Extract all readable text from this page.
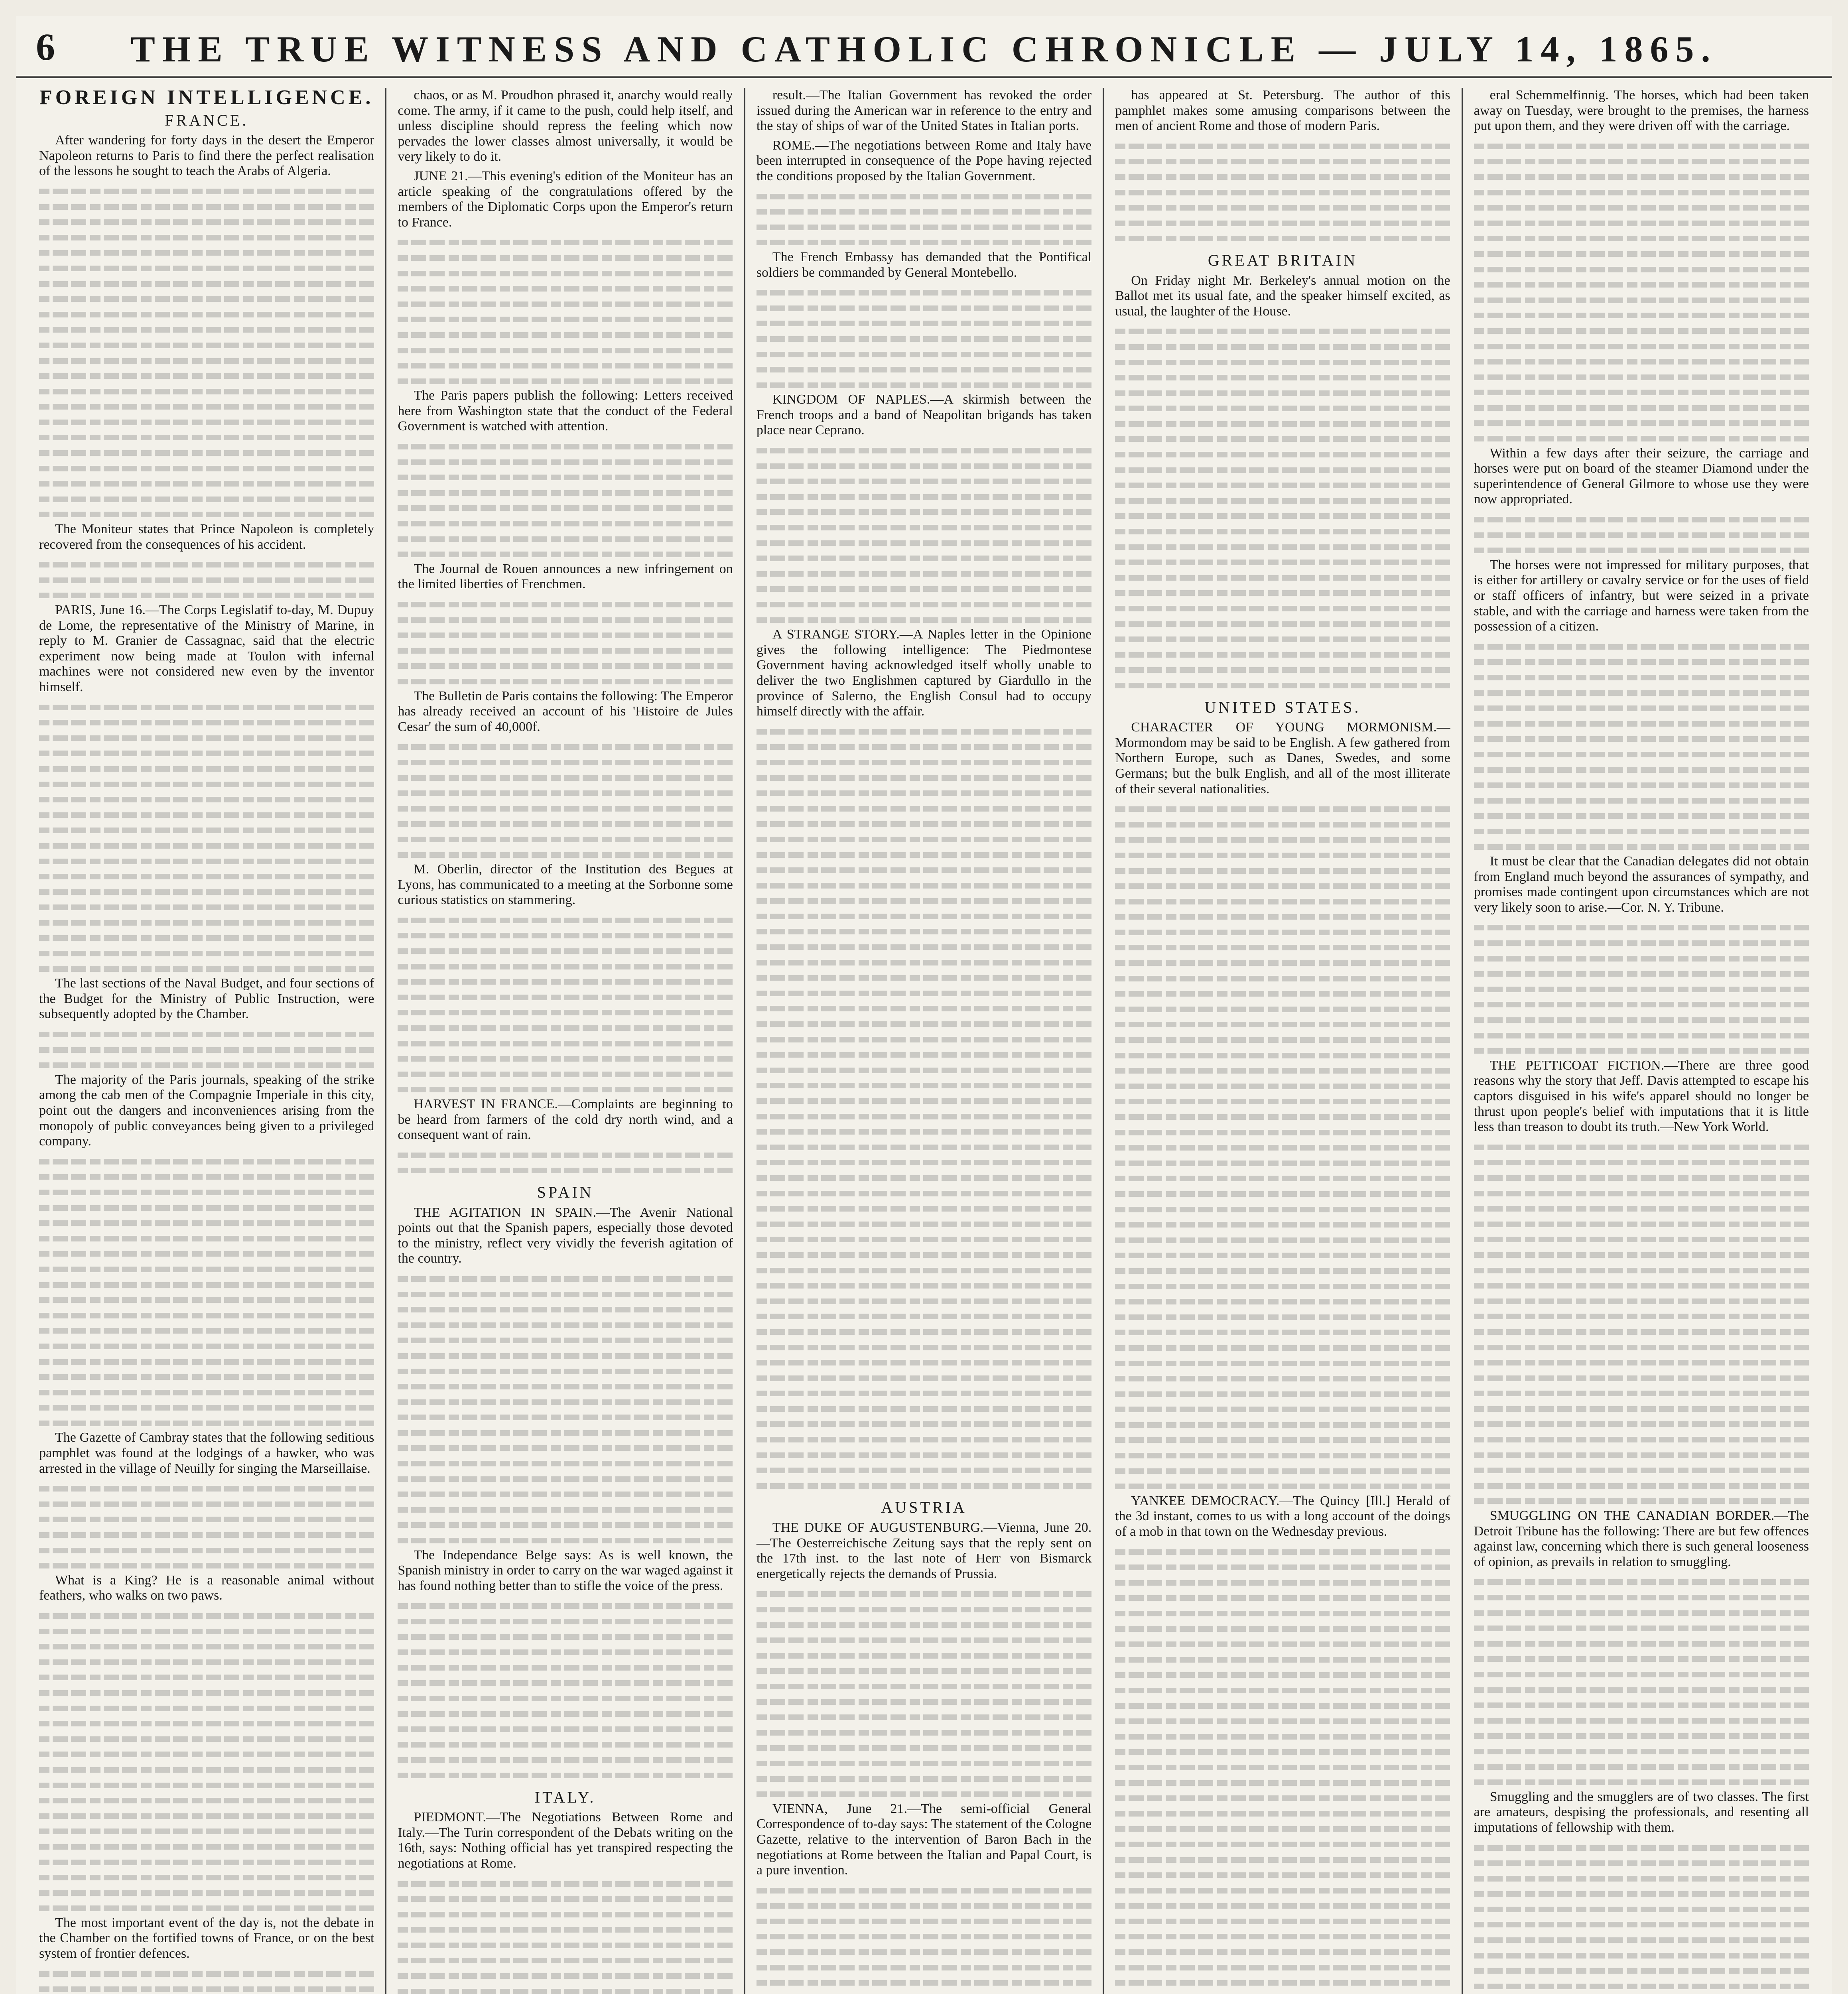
6	THE TRUE WITNESS AND CATHOLIC CHRONICLE — JULY 14, 1865.
FOREIGN INTELLIGENCE.
FRANCE.

After wandering for forty days in the desert the Emperor Napoleon returns to Paris to find there the perfect realisation of the lessons he sought to teach the Arabs of Algeria.

The Moniteur states that Prince Napoleon is completely recovered from the consequences of his accident.

PARIS, June 16.—The Corps Legislatif to-day, M. Dupuy de Lome, the representative of the Ministry of Marine, in reply to M. Granier de Cassagnac, said that the electric experiment now being made at Toulon with infernal machines were not considered new even by the inventor himself.

The last sections of the Naval Budget, and four sections of the Budget for the Ministry of Public Instruction, were subsequently adopted by the Chamber.

The majority of the Paris journals, speaking of the strike among the cab men of the Compagnie Imperiale in this city, point out the dangers and inconveniences arising from the monopoly of public conveyances being given to a privileged company.

The Gazette of Cambray states that the following seditious pamphlet was found at the lodgings of a hawker, who was arrested in the village of Neuilly for singing the Marseillaise.

What is a King? He is a reasonable animal without feathers, who walks on two paws.

The most important event of the day is, not the debate in the Chamber on the fortified towns of France, or on the best system of frontier defences.

chaos, or as M. Proudhon phrased it, anarchy would really come. The army, if it came to the push, could help itself, and unless discipline should repress the feeling which now pervades the lower classes almost universally, it would be very likely to do it.

JUNE 21.—This evening's edition of the Moniteur has an article speaking of the congratulations offered by the members of the Diplomatic Corps upon the Emperor's return to France.

The Paris papers publish the following: Letters received here from Washington state that the conduct of the Federal Government is watched with attention.

The Journal de Rouen announces a new infringement on the limited liberties of Frenchmen.

The Bulletin de Paris contains the following: The Emperor has already received an account of his 'Histoire de Jules Cesar' the sum of 40,000f.

M. Oberlin, director of the Institution des Begues at Lyons, has communicated to a meeting at the Sorbonne some curious statistics on stammering.

HARVEST IN FRANCE.—Complaints are beginning to be heard from farmers of the cold dry north wind, and a consequent want of rain.

SPAIN

THE AGITATION IN SPAIN.—The Avenir National points out that the Spanish papers, especially those devoted to the ministry, reflect very vividly the feverish agitation of the country.

The Independance Belge says: As is well known, the Spanish ministry in order to carry on the war waged against it has found nothing better than to stifle the voice of the press.

ITALY.

PIEDMONT.—The Negotiations Between Rome and Italy.—The Turin correspondent of the Debats writing on the 16th, says: Nothing official has yet transpired respecting the negotiations at Rome.

result.—The Italian Government has revoked the order issued during the American war in reference to the entry and the stay of ships of war of the United States in Italian ports.

ROME.—The negotiations between Rome and Italy have been interrupted in consequence of the Pope having rejected the conditions proposed by the Italian Government.

The French Embassy has demanded that the Pontifical soldiers be commanded by General Montebello.

KINGDOM OF NAPLES.—A skirmish between the French troops and a band of Neapolitan brigands has taken place near Ceprano.

A STRANGE STORY.—A Naples letter in the Opinione gives the following intelligence: The Piedmontese Government having acknowledged itself wholly unable to deliver the two Englishmen captured by Giardullo in the province of Salerno, the English Consul had to occupy himself directly with the affair.

AUSTRIA

THE DUKE OF AUGUSTENBURG.—Vienna, June 20.—The Oesterreichische Zeitung says that the reply sent on the 17th inst. to the last note of Herr von Bismarck energetically rejects the demands of Prussia.

VIENNA, June 21.—The semi-official General Correspondence of to-day says: The statement of the Cologne Gazette, relative to the intervention of Baron Bach in the negotiations at Rome between the Italian and Papal Court, is a pure invention.

has appeared at St. Petersburg. The author of this pamphlet makes some amusing comparisons between the men of ancient Rome and those of modern Paris.

GREAT BRITAIN

On Friday night Mr. Berkeley's annual motion on the Ballot met its usual fate, and the speaker himself excited, as usual, the laughter of the House.

UNITED STATES.

CHARACTER OF YOUNG MORMONISM.—Mormondom may be said to be English. A few gathered from Northern Europe, such as Danes, Swedes, and some Germans; but the bulk English, and all of the most illiterate of their several nationalities.

YANKEE DEMOCRACY.—The Quincy [Ill.] Herald of the 3d instant, comes to us with a long account of the doings of a mob in that town on the Wednesday previous.

eral Schemmelfinnig. The horses, which had been taken away on Tuesday, were brought to the premises, the harness put upon them, and they were driven off with the carriage.

Within a few days after their seizure, the carriage and horses were put on board of the steamer Diamond under the superintendence of General Gilmore to whose use they were now appropriated.

The horses were not impressed for military purposes, that is either for artillery or cavalry service or for the uses of field or staff officers of infantry, but were seized in a private stable, and with the carriage and harness were taken from the possession of a citizen.

It must be clear that the Canadian delegates did not obtain from England much beyond the assurances of sympathy, and promises made contingent upon circumstances which are not very likely soon to arise.—Cor. N. Y. Tribune.

THE PETTICOAT FICTION.—There are three good reasons why the story that Jeff. Davis attempted to escape his captors disguised in his wife's apparel should no longer be thrust upon people's belief with imputations that it is little less than treason to doubt its truth.—New York World.

SMUGGLING ON THE CANADIAN BORDER.—The Detroit Tribune has the following: There are but few offences against law, concerning which there is such general looseness of opinion, as prevails in relation to smuggling.

Smuggling and the smugglers are of two classes. The first are amateurs, despising the professionals, and resenting all imputations of fellowship with them.
